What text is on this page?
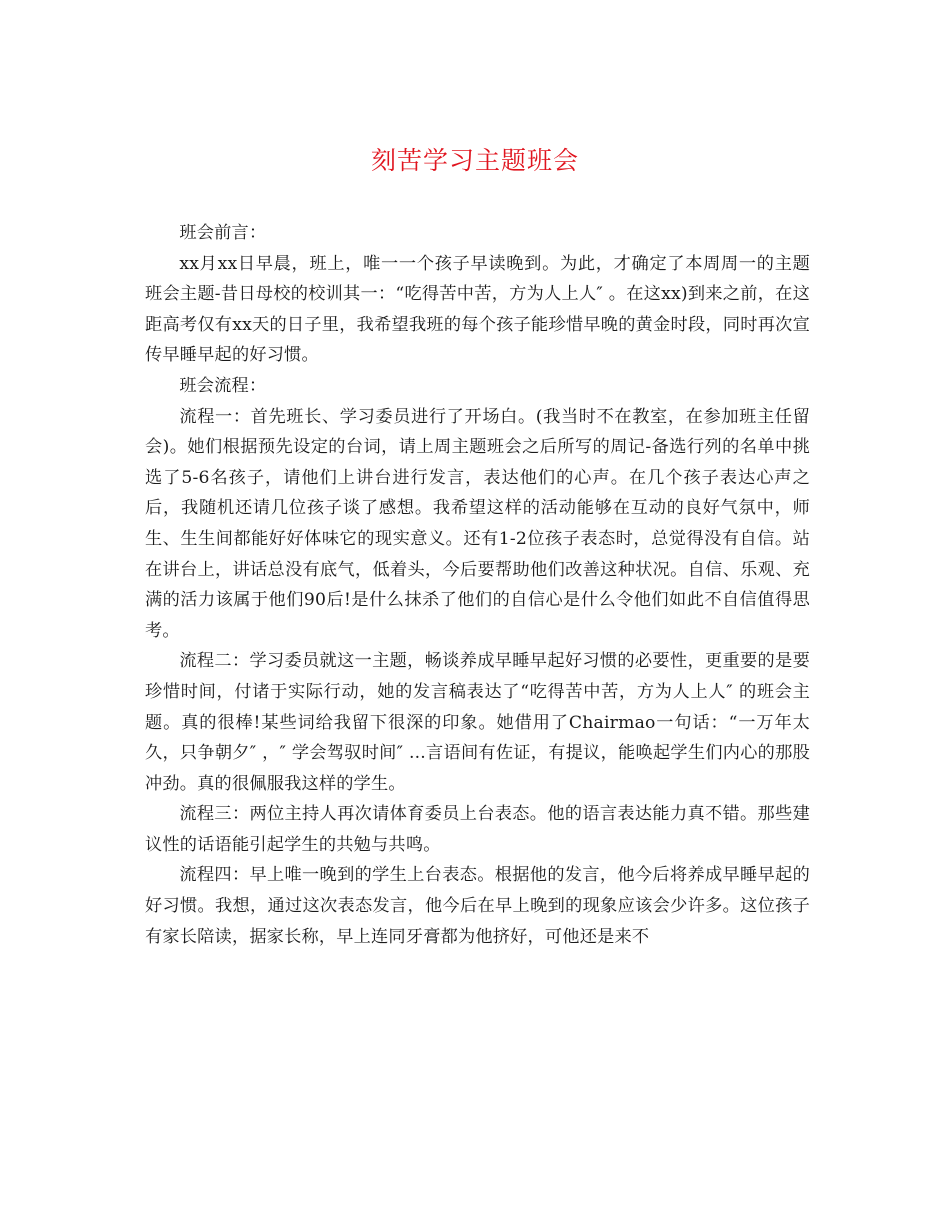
刻苦学习主题班会

班会前言：

xx月xx日早晨，班上，唯一一个孩子早读晚到。为此，才确定了本周周一的主题班会主题-昔日母校的校训其一：“吃得苦中苦，方为人上人″ 。在这xx)到来之前，在这距高考仅有xx天的日子里，我希望我班的每个孩子能珍惜早晚的黄金时段，同时再次宣传早睡早起的好习惯。

班会流程：

流程一：首先班长、学习委员进行了开场白。(我当时不在教室，在参加班主任留会)。她们根据预先设定的台词，请上周主题班会之后所写的周记-备选行列的名单中挑选了5-6名孩子，请他们上讲台进行发言，表达他们的心声。在几个孩子表达心声之后，我随机还请几位孩子谈了感想。我希望这样的活动能够在互动的良好气氛中，师生、生生间都能好好体味它的现实意义。还有1-2位孩子表态时，总觉得没有自信。站在讲台上，讲话总没有底气，低着头，今后要帮助他们改善这种状况。自信、乐观、充满的活力该属于他们90后!是什么抹杀了他们的自信心是什么令他们如此不自信值得思考。

流程二：学习委员就这一主题，畅谈养成早睡早起好习惯的必要性，更重要的是要珍惜时间，付诸于实际行动，她的发言稿表达了“吃得苦中苦，方为人上人″ 的班会主题。真的很棒!某些词给我留下很深的印象。她借用了Chairmao一句话：“一万年太久，只争朝夕″ ，″ 学会驾驭时间″ ...言语间有佐证，有提议，能唤起学生们内心的那股冲劲。真的很佩服我这样的学生。

流程三：两位主持人再次请体育委员上台表态。他的语言表达能力真不错。那些建议性的话语能引起学生的共勉与共鸣。

流程四：早上唯一晚到的学生上台表态。根据他的发言，他今后将养成早睡早起的好习惯。我想，通过这次表态发言，他今后在早上晚到的现象应该会少许多。这位孩子有家长陪读，据家长称，早上连同牙膏都为他挤好，可他还是来不
